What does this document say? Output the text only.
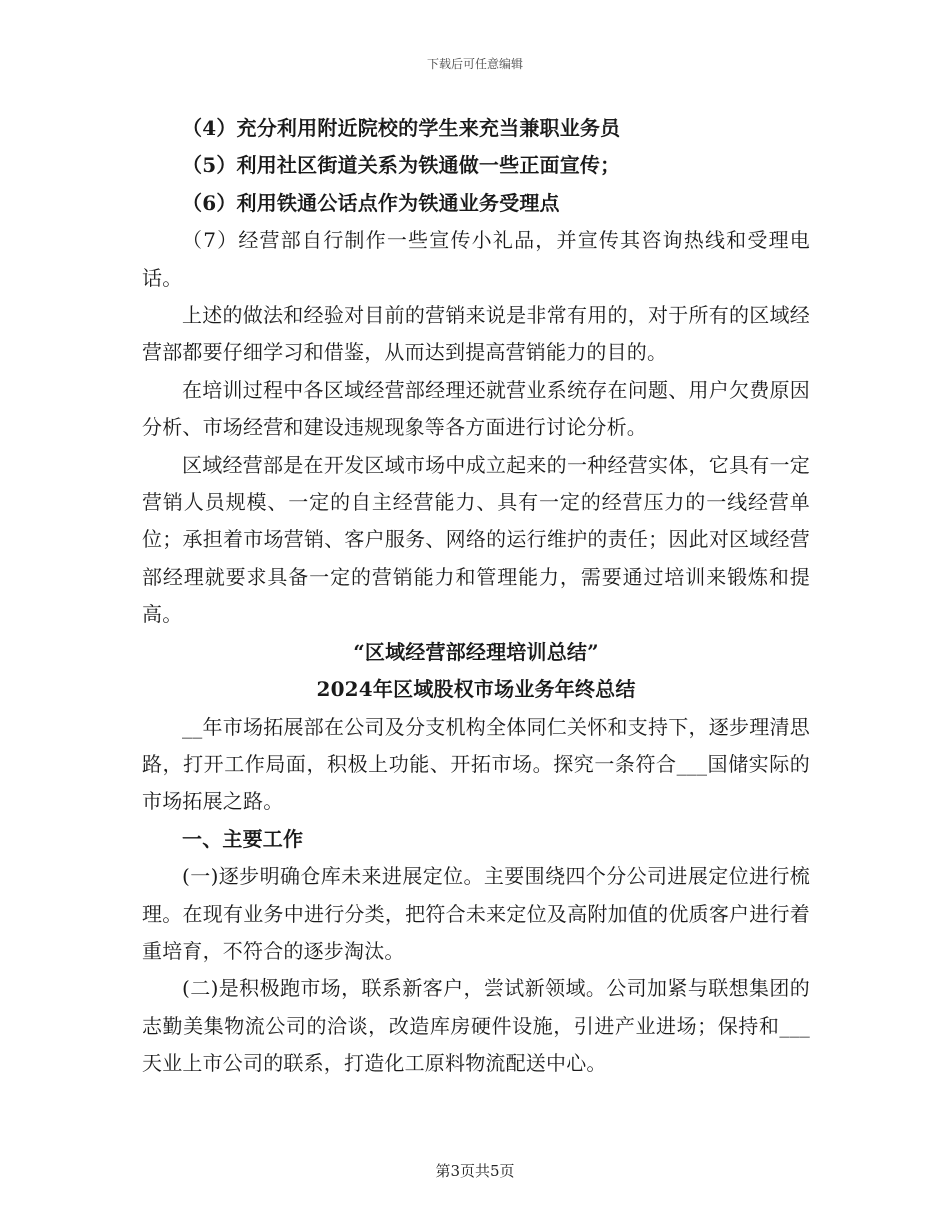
下载后可任意编辑

（4）充分利用附近院校的学生来充当兼职业务员

（5）利用社区街道关系为铁通做一些正面宣传；

（6）利用铁通公话点作为铁通业务受理点

（7）经营部自行制作一些宣传小礼品，并宣传其咨询热线和受理电话。

上述的做法和经验对目前的营销来说是非常有用的，对于所有的区域经营部都要仔细学习和借鉴，从而达到提高营销能力的目的。

在培训过程中各区域经营部经理还就营业系统存在问题、用户欠费原因分析、市场经营和建设违规现象等各方面进行讨论分析。

区域经营部是在开发区域市场中成立起来的一种经营实体，它具有一定营销人员规模、一定的自主经营能力、具有一定的经营压力的一线经营单位；承担着市场营销、客户服务、网络的运行维护的责任；因此对区域经营部经理就要求具备一定的营销能力和管理能力，需要通过培训来锻炼和提高。

“区域经营部经理培训总结”

2024年区域股权市场业务年终总结

__年市场拓展部在公司及分支机构全体同仁关怀和支持下，逐步理清思路，打开工作局面，积极上功能、开拓市场。探究一条符合___国储实际的市场拓展之路。

一、主要工作

(一)逐步明确仓库未来进展定位。主要围绕四个分公司进展定位进行梳理。在现有业务中进行分类，把符合未来定位及高附加值的优质客户进行着重培育，不符合的逐步淘汰。

(二)是积极跑市场，联系新客户，尝试新领域。公司加紧与联想集团的志勤美集物流公司的洽谈，改造库房硬件设施，引进产业进场；保持和___天业上市公司的联系，打造化工原料物流配送中心。

第3页共5页
